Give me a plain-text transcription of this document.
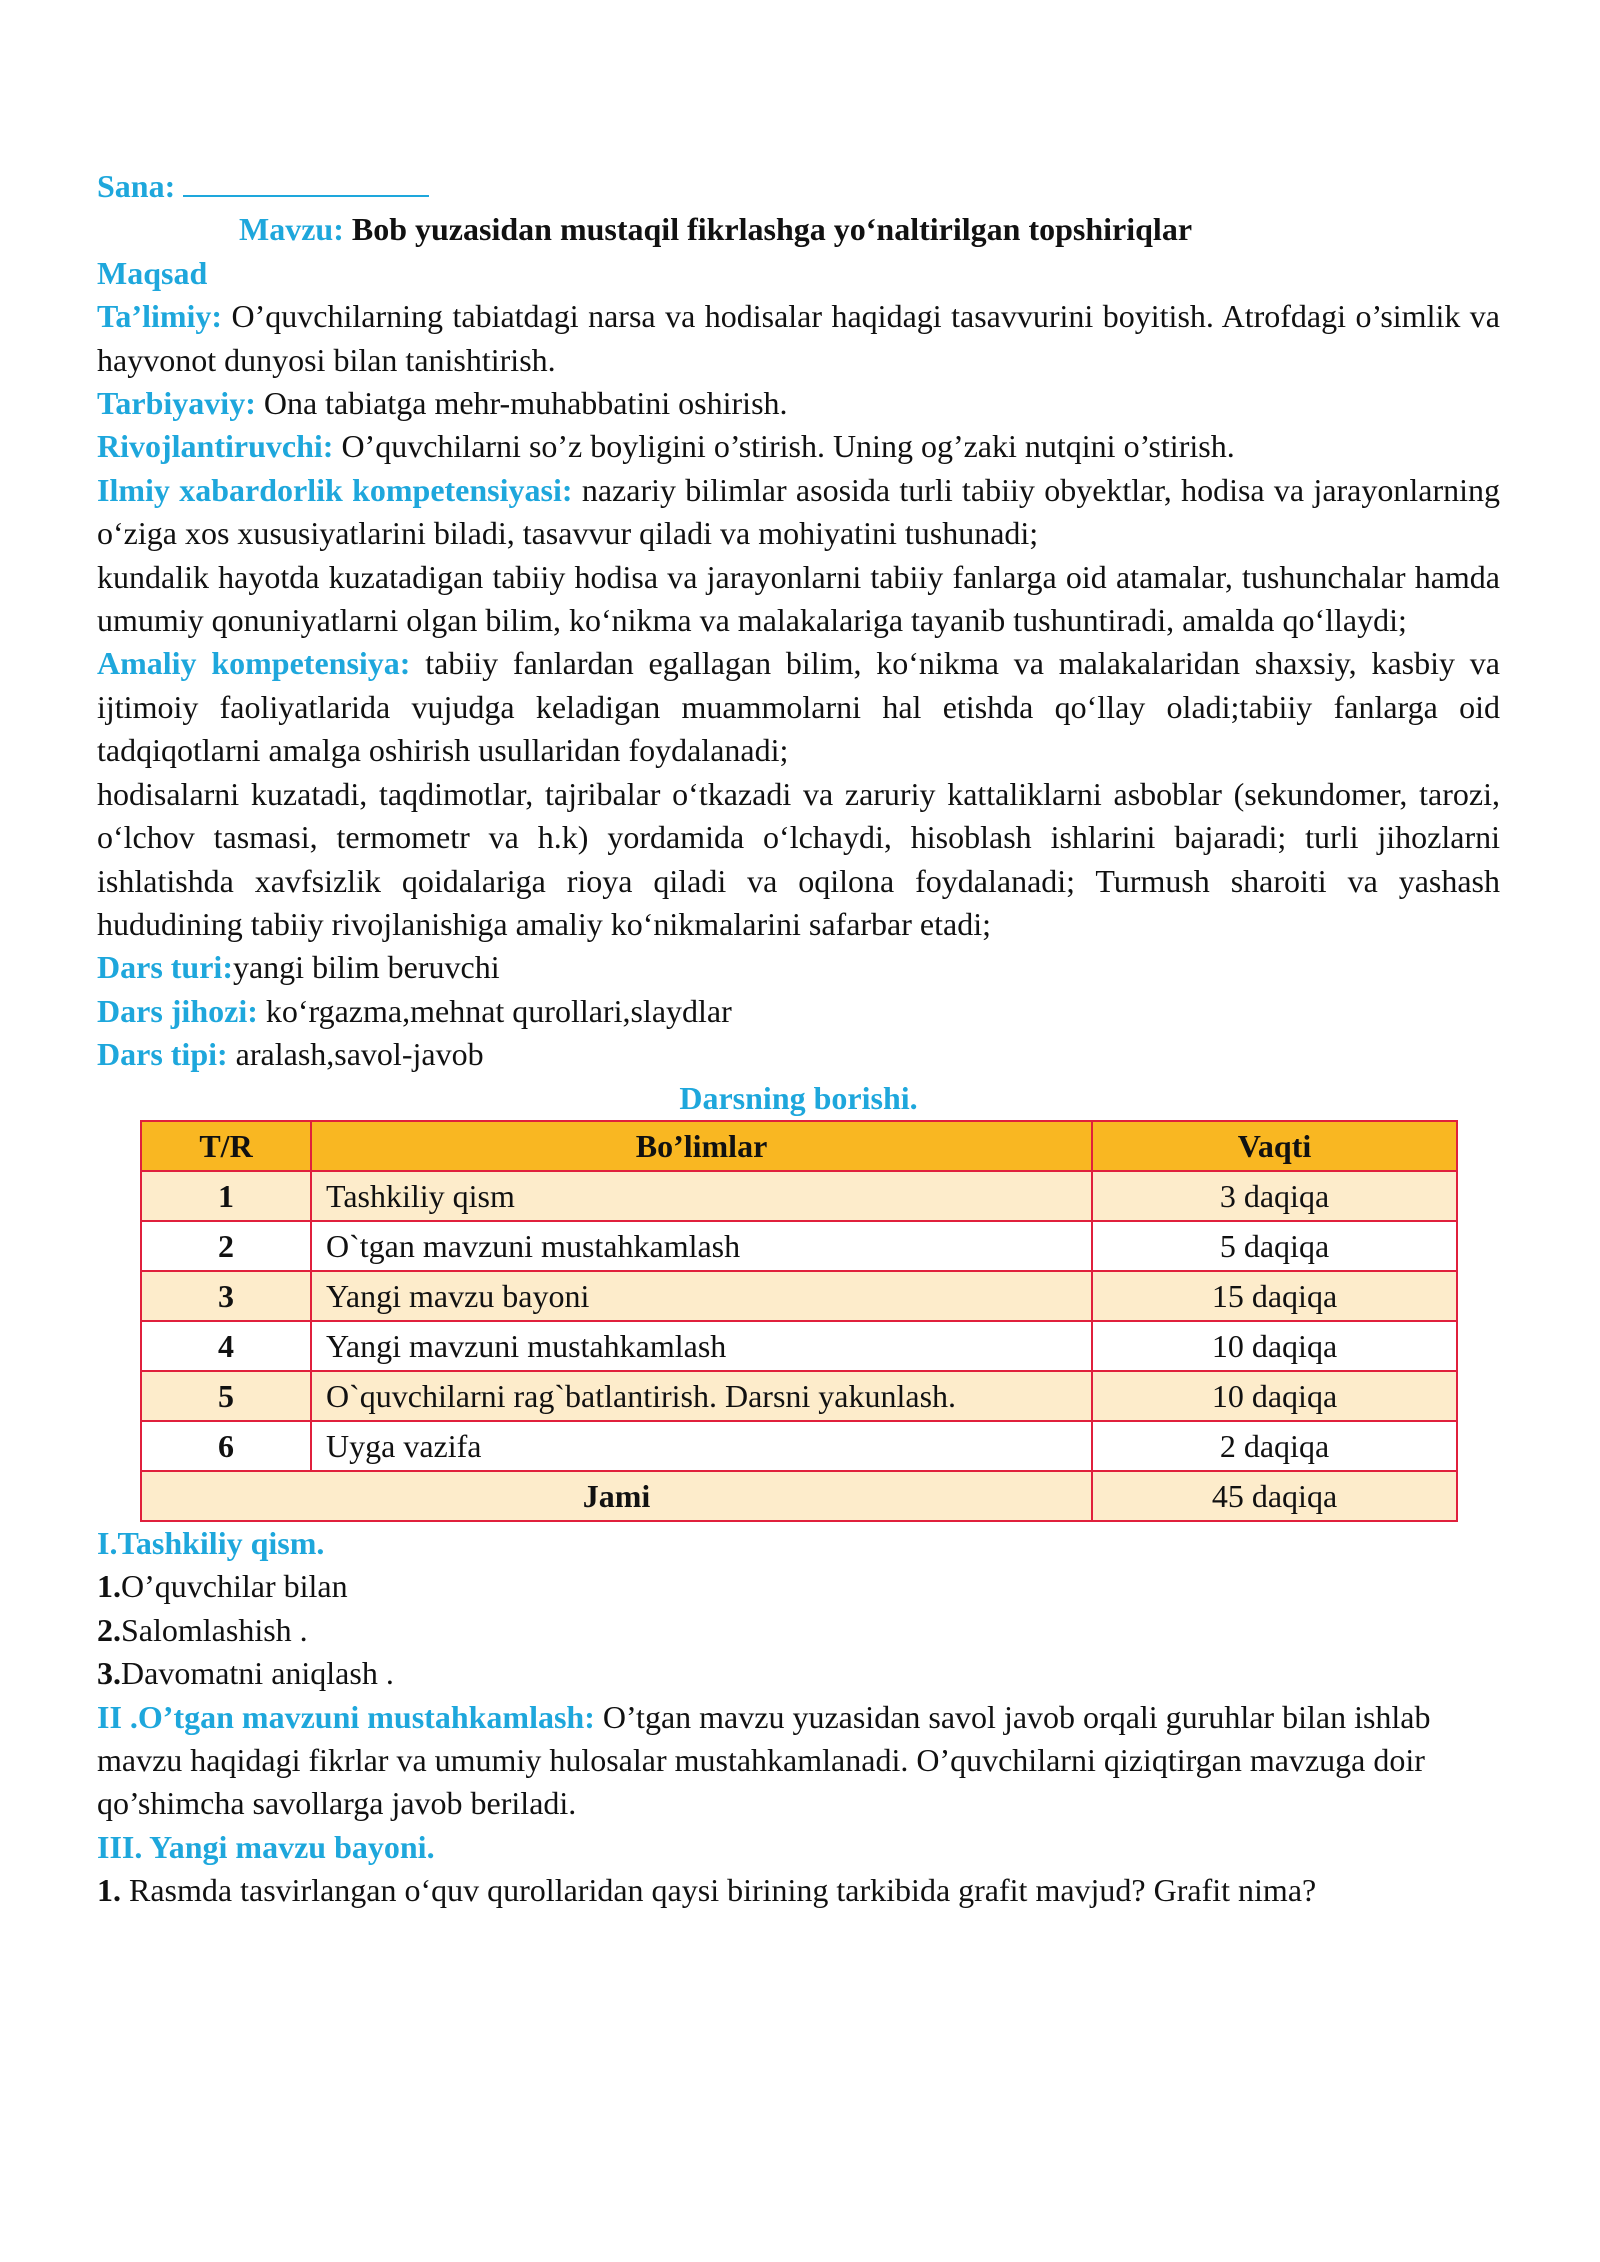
Sana:

Mavzu: Bob yuzasidan mustaqil fikrlashga yo‘naltirilgan topshiriqlar

Maqsad

Ta’limiy: O’quvchilarning tabiatdagi narsa va hodisalar haqidagi tasavvurini boyitish. Atrofdagi o’simlik va hayvonot dunyosi bilan tanishtirish.

Tarbiyaviy: Ona tabiatga mehr-muhabbatini oshirish.

Rivojlantiruvchi: O’quvchilarni so’z boyligini o’stirish. Uning og’zaki nutqini o’stirish.

Ilmiy xabardorlik kompetensiyasi: nazariy bilimlar asosida turli tabiiy obyektlar, hodisa va jarayonlarning o‘ziga xos xususiyatlarini biladi, tasavvur qiladi va mohiyatini tushunadi;

kundalik hayotda kuzatadigan tabiiy hodisa va jarayonlarni tabiiy fanlarga oid atamalar, tushunchalar hamda umumiy qonuniyatlarni olgan bilim, ko‘nikma va malakalariga tayanib tushuntiradi, amalda qo‘llaydi;

Amaliy kompetensiya: tabiiy fanlardan egallagan bilim, ko‘nikma va malakalaridan shaxsiy, kasbiy va ijtimoiy faoliyatlarida vujudga keladigan muammolarni hal etishda qo‘llay oladi;tabiiy fanlarga oid tadqiqotlarni amalga oshirish usullaridan foydalanadi;

hodisalarni kuzatadi, taqdimotlar, tajribalar o‘tkazadi va zaruriy kattaliklarni asboblar (sekundomer, tarozi, o‘lchov tasmasi, termometr va h.k) yordamida o‘lchaydi, hisoblash ishlarini bajaradi; turli jihozlarni ishlatishda xavfsizlik qoidalariga rioya qiladi va oqilona foydalanadi; Turmush sharoiti va yashash hududining tabiiy rivojlanishiga amaliy ko‘nikmalarini safarbar etadi;

Dars turi:yangi bilim beruvchi

Dars jihozi: ko‘rgazma,mehnat qurollari,slaydlar

Dars tipi: aralash,savol-javob

Darsning borishi.

T/R	Bo’limlar	Vaqti
1	Tashkiliy qism	3 daqiqa
2	O`tgan mavzuni mustahkamlash	5 daqiqa
3	Yangi mavzu bayoni	15 daqiqa
4	Yangi mavzuni mustahkamlash	10 daqiqa
5	O`quvchilarni rag`batlantirish. Darsni yakunlash.	10 daqiqa
6	Uyga vazifa	2 daqiqa
Jami		45 daqiqa

I.Tashkiliy qism.

1.O’quvchilar bilan

2.Salomlashish .

3.Davomatni aniqlash .

II .O’tgan mavzuni mustahkamlash: O’tgan mavzu yuzasidan savol javob orqali guruhlar bilan ishlab mavzu haqidagi fikrlar va umumiy hulosalar mustahkamlanadi. O’quvchilarni qiziqtirgan mavzuga doir qo’shimcha savollarga javob beriladi.

III. Yangi mavzu bayoni.

1. Rasmda tasvirlangan o‘quv qurollaridan qaysi birining tarkibida grafit mavjud? Grafit nima?
